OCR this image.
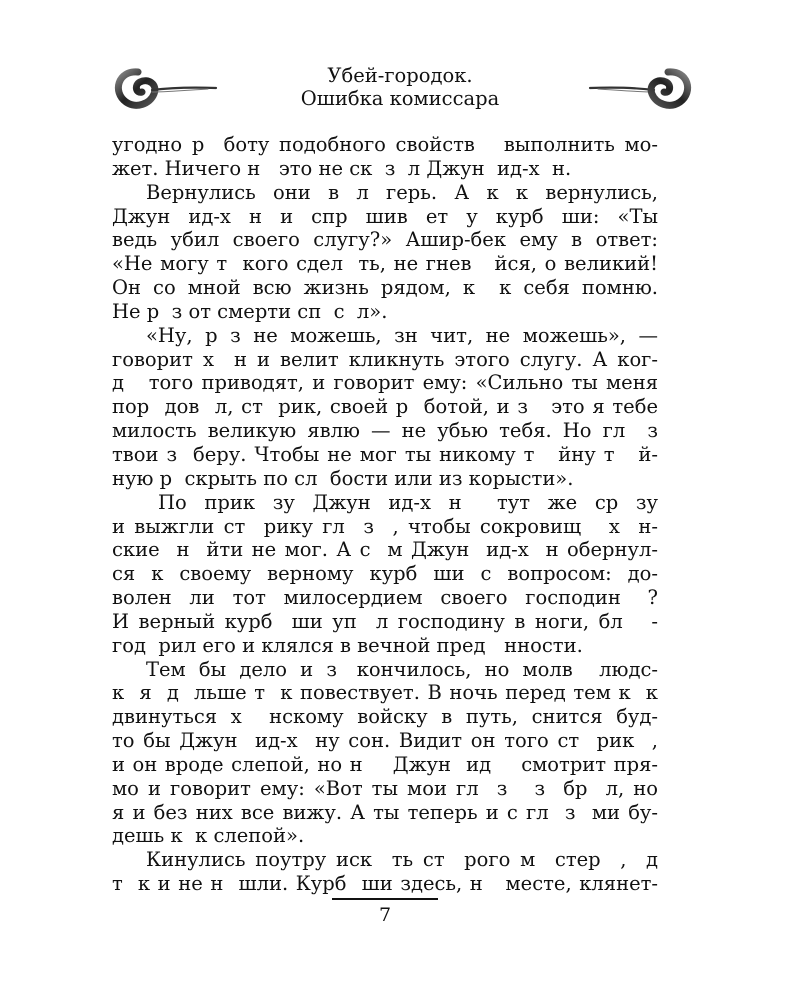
Убей-городок.
Ошибка комиссара
угодно р  боту подобного свойств   выполнить мо-
жет. Ничего н   это не ск  з  л Джун  ид-х  н.
Вернулись  они  в  л  герь.  А  к  к  вернулись,
Джун  ид-х  н  и  спр  шив  ет  у  курб  ши:  «Ты
ведь убил своего слугу?» Ашир-бек ему в ответ:
«Не могу т  кого сдел  ть, не гнев   йся, о великий!
Он со мной всю жизнь рядом, к  к себя помню.
Не р  з от смерти сп  с  л».
«Ну,  р  з  не  можешь,  зн  чит,  не  можешь»,  —
говорит х  н и велит кликнуть этого слугу. А ког-
д   того приводят, и говорит ему: «Сильно ты меня
пор  дов  л, ст  рик, своей р  ботой, и з   это я тебе
милость великую явлю — не убью тебя. Но гл  з
твои з  беру. Чтобы не мог ты никому т   йну т   й-
ную р  скрыть по сл  бости или из корысти».
По  прик  зу  Джун  ид-х  н    тут  же  ср  зу
и выжгли ст  рику гл  з  , чтобы сокровищ   х  н-
ские  н  йти не мог. А с  м Джун  ид-х  н обернул-
ся  к  своему  верному  курб  ши  с  вопросом:  до-
волен  ли  тот  милосердием  своего  господин   ?
И верный курб  ши уп  л господину в ноги, бл   -
год  рил его и клялся в вечной пред   нности.
Тем  бы  дело  и  з   кончилось,  но  молв    людс-
к  я  д  льше т  к повествует. В ночь перед тем к  к
двинуться х  нскому войску в путь, снится буд-
то бы Джун  ид-х  ну сон. Видит он того ст  рик  ,
и он вроде слепой, но н    Джун  ид    смотрит пря-
мо и говорит ему: «Вот ты мои гл  з   з  бр  л, но
я и без них все вижу. А ты теперь и с гл  з  ми бу-
дешь к  к слепой».
Кинулись поутру иск  ть ст  рого м  стер  ,  д
т  к и не н  шли. Курб  ши здесь, н   месте, клянет-
7
